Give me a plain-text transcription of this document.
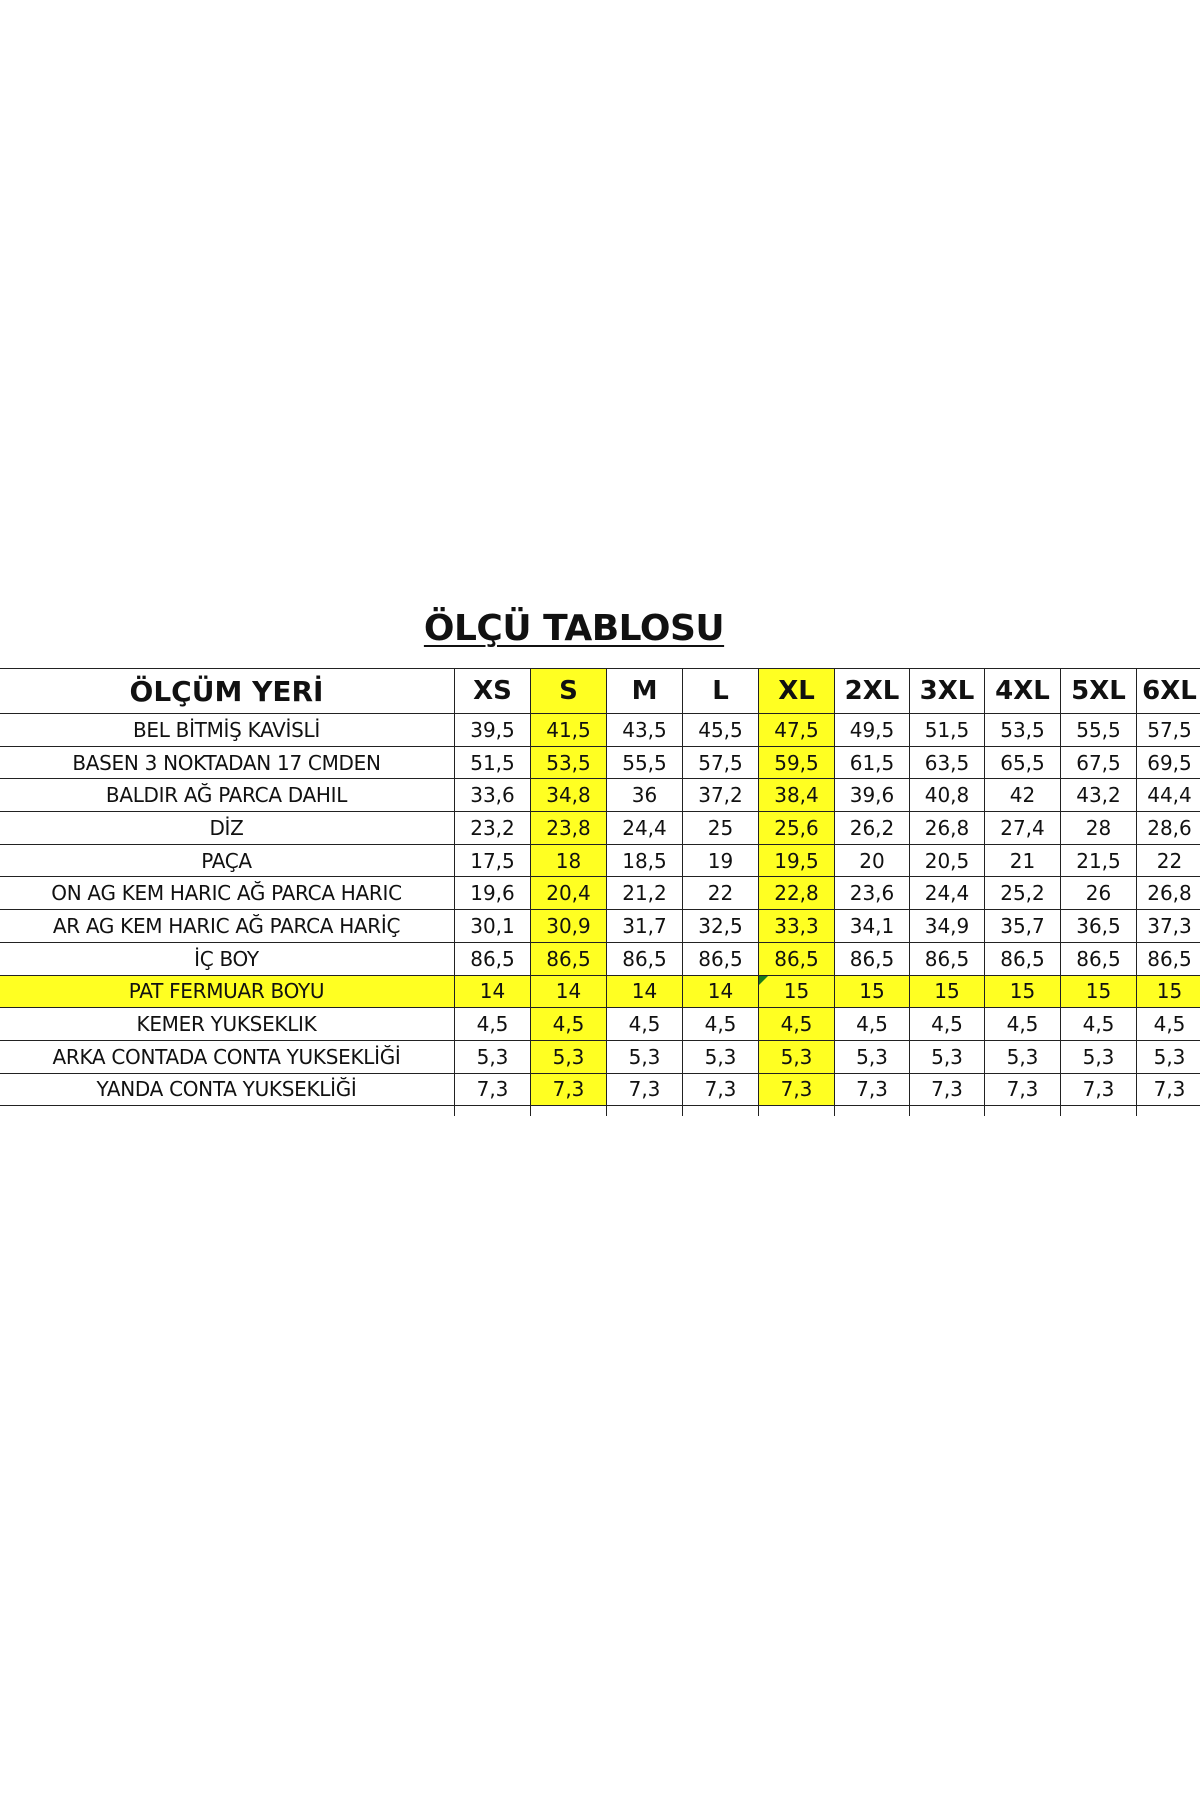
ÖLÇÜ TABLOSU
ÖLÇÜM YERİ	XS	S	M	L	XL	2XL	3XL	4XL	5XL	6XL
BEL BİTMİŞ KAVİSLİ	39,5	41,5	43,5	45,5	47,5	49,5	51,5	53,5	55,5	57,5
BASEN 3 NOKTADAN 17 CMDEN	51,5	53,5	55,5	57,5	59,5	61,5	63,5	65,5	67,5	69,5
BALDIR AĞ PARCA DAHIL	33,6	34,8	36	37,2	38,4	39,6	40,8	42	43,2	44,4
DİZ	23,2	23,8	24,4	25	25,6	26,2	26,8	27,4	28	28,6
PAÇA	17,5	18	18,5	19	19,5	20	20,5	21	21,5	22
ON AG KEM HARIC AĞ PARCA HARIC	19,6	20,4	21,2	22	22,8	23,6	24,4	25,2	26	26,8
AR AG KEM HARIC AĞ PARCA HARİÇ	30,1	30,9	31,7	32,5	33,3	34,1	34,9	35,7	36,5	37,3
İÇ BOY	86,5	86,5	86,5	86,5	86,5	86,5	86,5	86,5	86,5	86,5
PAT FERMUAR BOYU	14	14	14	14	15	15	15	15	15	15
KEMER YUKSEKLIK	4,5	4,5	4,5	4,5	4,5	4,5	4,5	4,5	4,5	4,5
ARKA CONTADA CONTA YUKSEKLİĞİ	5,3	5,3	5,3	5,3	5,3	5,3	5,3	5,3	5,3	5,3
YANDA CONTA YUKSEKLİĞİ	7,3	7,3	7,3	7,3	7,3	7,3	7,3	7,3	7,3	7,3
